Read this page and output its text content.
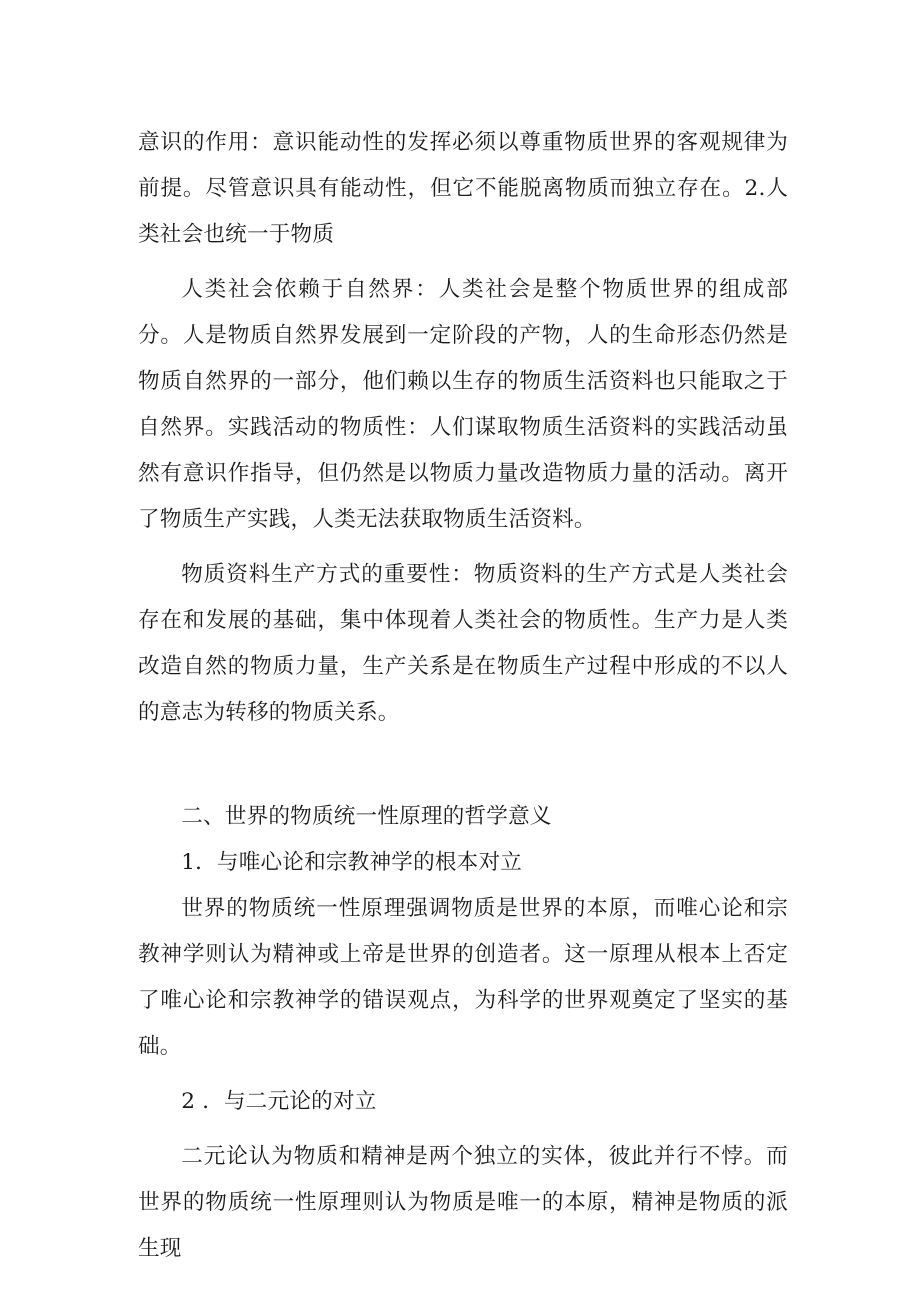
意识的作用：意识能动性的发挥必须以尊重物质世界的客观规律为前提。尽管意识具有能动性，但它不能脱离物质而独立存在。2.人类社会也统一于物质

人类社会依赖于自然界：人类社会是整个物质世界的组成部分。人是物质自然界发展到一定阶段的产物，人的生命形态仍然是物质自然界的一部分，他们赖以生存的物质生活资料也只能取之于自然界。实践活动的物质性：人们谋取物质生活资料的实践活动虽然有意识作指导，但仍然是以物质力量改造物质力量的活动。离开了物质生产实践，人类无法获取物质生活资料。

物质资料生产方式的重要性：物质资料的生产方式是人类社会存在和发展的基础，集中体现着人类社会的物质性。生产力是人类改造自然的物质力量，生产关系是在物质生产过程中形成的不以人的意志为转移的物质关系。

二、世界的物质统一性原理的哲学意义

1．与唯心论和宗教神学的根本对立

世界的物质统一性原理强调物质是世界的本原，而唯心论和宗教神学则认为精神或上帝是世界的创造者。这一原理从根本上否定了唯心论和宗教神学的错误观点，为科学的世界观奠定了坚实的基础。

2 ．与二元论的对立

二元论认为物质和精神是两个独立的实体，彼此并行不悖。而世界的物质统一性原理则认为物质是唯一的本原，精神是物质的派生现
